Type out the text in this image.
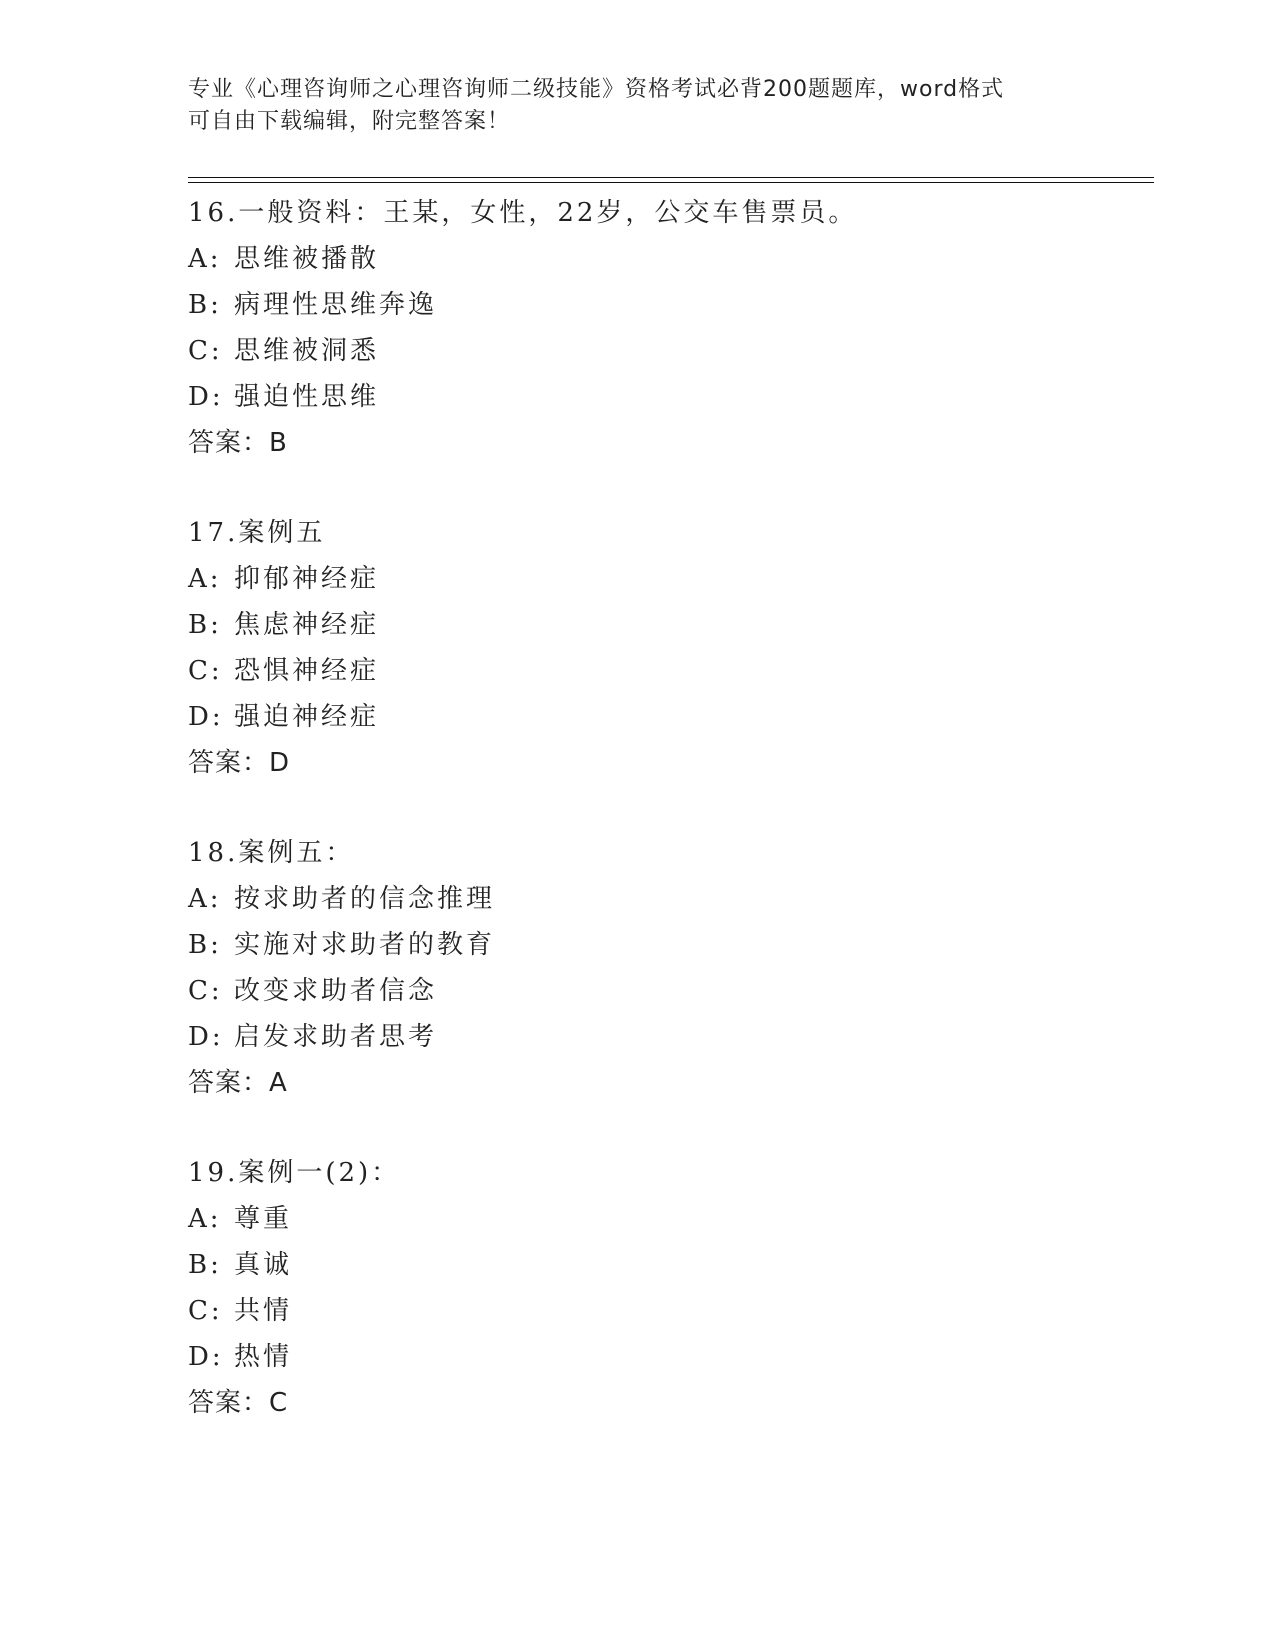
专业《心理咨询师之心理咨询师二级技能》资格考试必背200题题库，word格式

可自由下载编辑，附完整答案！

16.一般资料：王某，女性，22岁，公交车售票员。
A: 思维被播散
B: 病理性思维奔逸
C: 思维被洞悉
D: 强迫性思维
答案：B
17.案例五
A: 抑郁神经症
B: 焦虑神经症
C: 恐惧神经症
D: 强迫神经症
答案：D
18.案例五：
A: 按求助者的信念推理
B: 实施对求助者的教育
C: 改变求助者信念
D: 启发求助者思考
答案：A
19.案例一(2)：
A: 尊重
B: 真诚
C: 共情
D: 热情
答案：C
